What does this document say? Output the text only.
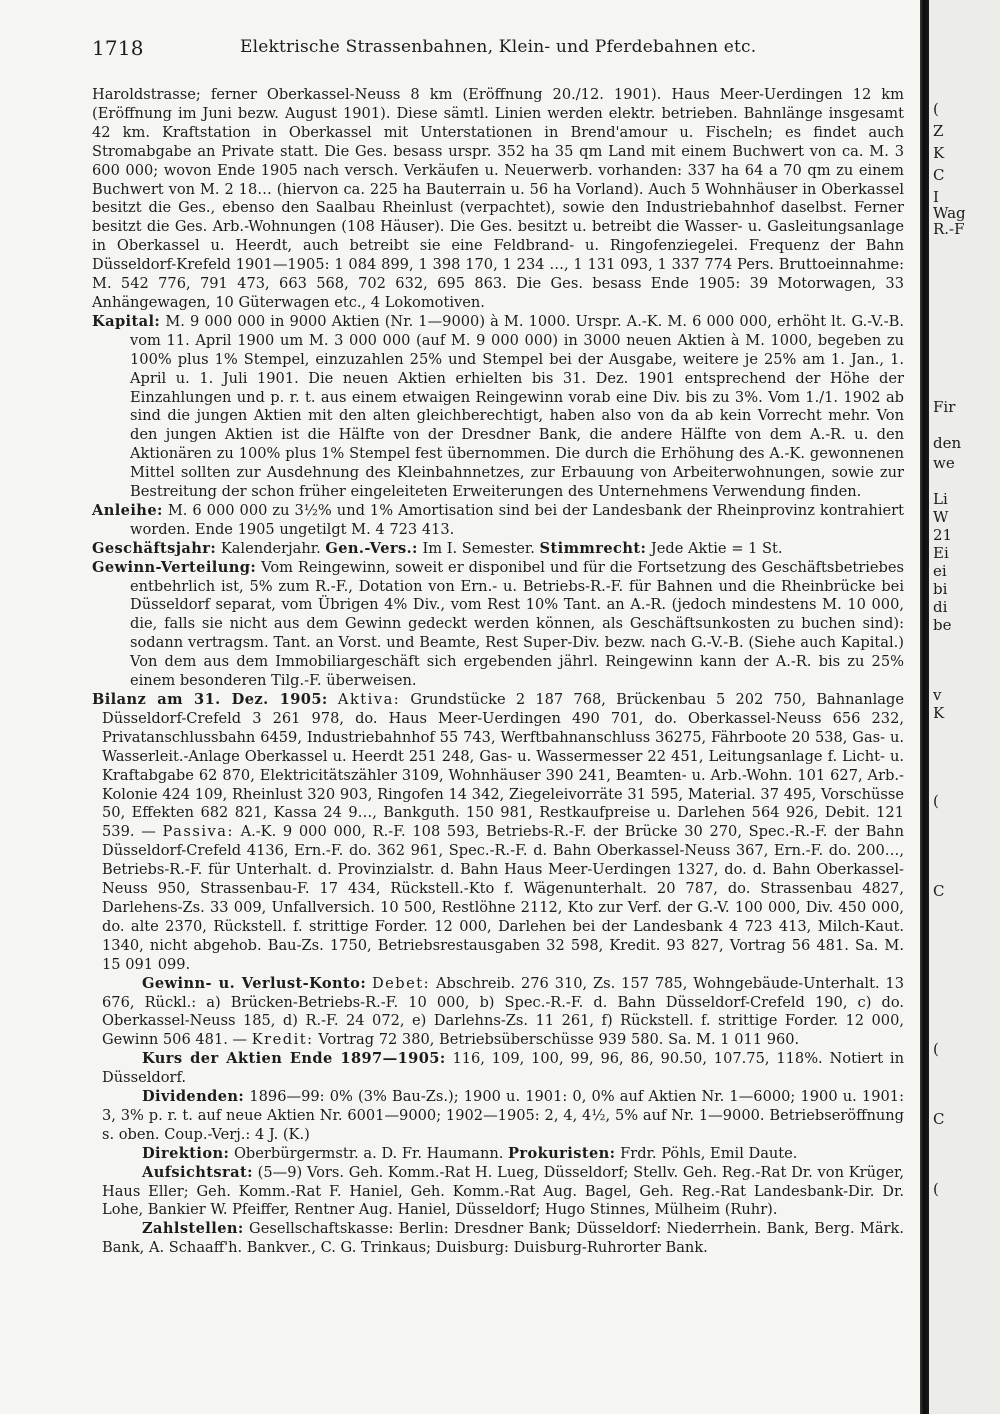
1718	Elektrische Strassenbahnen, Klein- und Pferdebahnen etc.

Haroldstrasse; ferner Oberkassel-Neuss 8 km (Eröffnung 20./12. 1901). Haus Meer-Uerdingen 12 km (Eröffnung im Juni bezw. August 1901). Diese sämtl. Linien werden elektr. betrieben. Bahnlänge insgesamt 42 km. Kraftstation in Oberkassel mit Unterstationen in Brend'amour u. Fischeln; es findet auch Stromabgabe an Private statt. Die Ges. besass urspr. 352 ha 35 qm Land mit einem Buchwert von ca. M. 3 600 000; wovon Ende 1905 nach versch. Verkäufen u. Neuerwerb. vorhanden: 337 ha 64 a 70 qm zu einem Buchwert von M. 2 18… (hiervon ca. 225 ha Bauterrain u. 56 ha Vorland). Auch 5 Wohnhäuser in Oberkassel besitzt die Ges., ebenso den Saalbau Rheinlust (verpachtet), sowie den Industriebahnhof daselbst. Ferner besitzt die Ges. Arb.-Wohnungen (108 Häuser). Die Ges. besitzt u. betreibt die Wasser- u. Gasleitungsanlage in Oberkassel u. Heerdt, auch betreibt sie eine Feldbrand- u. Ringofenziegelei. Frequenz der Bahn Düsseldorf-Krefeld 1901—1905: 1 084 899, 1 398 170, 1 234 …, 1 131 093, 1 337 774 Pers. Bruttoeinnahme: M. 542 776, 791 473, 663 568, 702 632, 695 863. Die Ges. besass Ende 1905: 39 Motorwagen, 33 Anhängewagen, 10 Güterwagen etc., 4 Lokomotiven.

Kapital: M. 9 000 000 in 9000 Aktien (Nr. 1—9000) à M. 1000. Urspr. A.-K. M. 6 000 000, erhöht lt. G.-V.-B. vom 11. April 1900 um M. 3 000 000 (auf M. 9 000 000) in 3000 neuen Aktien à M. 1000, begeben zu 100% plus 1% Stempel, einzuzahlen 25% und Stempel bei der Ausgabe, weitere je 25% am 1. Jan., 1. April u. 1. Juli 1901. Die neuen Aktien erhielten bis 31. Dez. 1901 entsprechend der Höhe der Einzahlungen und p. r. t. aus einem etwaigen Reingewinn vorab eine Div. bis zu 3%. Vom 1./1. 1902 ab sind die jungen Aktien mit den alten gleichberechtigt, haben also von da ab kein Vorrecht mehr. Von den jungen Aktien ist die Hälfte von der Dresdner Bank, die andere Hälfte von dem A.-R. u. den Aktionären zu 100% plus 1% Stempel fest übernommen. Die durch die Erhöhung des A.-K. gewonnenen Mittel sollten zur Ausdehnung des Kleinbahnnetzes, zur Erbauung von Arbeiterwohnungen, sowie zur Bestreitung der schon früher eingeleiteten Erweiterungen des Unternehmens Verwendung finden.

Anleihe: M. 6 000 000 zu 3½% und 1% Amortisation sind bei der Landesbank der Rheinprovinz kontrahiert worden. Ende 1905 ungetilgt M. 4 723 413.

Geschäftsjahr: Kalenderjahr. Gen.-Vers.: Im I. Semester. Stimmrecht: Jede Aktie = 1 St.

Gewinn-Verteilung: Vom Reingewinn, soweit er disponibel und für die Fortsetzung des Geschäftsbetriebes entbehrlich ist, 5% zum R.-F., Dotation von Ern.- u. Betriebs-R.-F. für Bahnen und die Rheinbrücke bei Düsseldorf separat, vom Übrigen 4% Div., vom Rest 10% Tant. an A.-R. (jedoch mindestens M. 10 000, die, falls sie nicht aus dem Gewinn gedeckt werden können, als Geschäftsunkosten zu buchen sind): sodann vertragsm. Tant. an Vorst. und Beamte, Rest Super-Div. bezw. nach G.-V.-B. (Siehe auch Kapital.) Von dem aus dem Immobiliargeschäft sich ergebenden jährl. Reingewinn kann der A.-R. bis zu 25% einem besonderen Tilg.-F. überweisen.

Bilanz am 31. Dez. 1905: Aktiva: Grundstücke 2 187 768, Brückenbau 5 202 750, Bahnanlage Düsseldorf-Crefeld 3 261 978, do. Haus Meer-Uerdingen 490 701, do. Oberkassel-Neuss 656 232, Privatanschlussbahn 6459, Industriebahnhof 55 743, Werftbahnanschluss 36275, Fährboote 20 538, Gas- u. Wasserleit.-Anlage Oberkassel u. Heerdt 251 248, Gas- u. Wassermesser 22 451, Leitungsanlage f. Licht- u. Kraftabgabe 62 870, Elektricitätszähler 3109, Wohnhäuser 390 241, Beamten- u. Arb.-Wohn. 101 627, Arb.-Kolonie 424 109, Rheinlust 320 903, Ringofen 14 342, Ziegeleivorräte 31 595, Material. 37 495, Vorschüsse 50, Effekten 682 821, Kassa 24 9…, Bankguth. 150 981, Restkaufpreise u. Darlehen 564 926, Debit. 121 539. — Passiva: A.-K. 9 000 000, R.-F. 108 593, Betriebs-R.-F. der Brücke 30 270, Spec.-R.-F. der Bahn Düsseldorf-Crefeld 4136, Ern.-F. do. 362 961, Spec.-R.-F. d. Bahn Oberkassel-Neuss 367, Ern.-F. do. 200…, Betriebs-R.-F. für Unterhalt. d. Provinzialstr. d. Bahn Haus Meer-Uerdingen 1327, do. d. Bahn Oberkassel-Neuss 950, Strassenbau-F. 17 434, Rückstell.-Kto f. Wägenunterhalt. 20 787, do. Strassenbau 4827, Darlehens-Zs. 33 009, Unfallversich. 10 500, Restlöhne 2112, Kto zur Verf. der G.-V. 100 000, Div. 450 000, do. alte 2370, Rückstell. f. strittige Forder. 12 000, Darlehen bei der Landesbank 4 723 413, Milch-Kaut. 1340, nicht abgehob. Bau-Zs. 1750, Betriebsrestausgaben 32 598, Kredit. 93 827, Vortrag 56 481. Sa. M. 15 091 099.

Gewinn- u. Verlust-Konto: Debet: Abschreib. 276 310, Zs. 157 785, Wohngebäude-Unterhalt. 13 676, Rückl.: a) Brücken-Betriebs-R.-F. 10 000, b) Spec.-R.-F. d. Bahn Düsseldorf-Crefeld 190, c) do. Oberkassel-Neuss 185, d) R.-F. 24 072, e) Darlehns-Zs. 11 261, f) Rückstell. f. strittige Forder. 12 000, Gewinn 506 481. — Kredit: Vortrag 72 380, Betriebsüberschüsse 939 580. Sa. M. 1 011 960.

Kurs der Aktien Ende 1897—1905: 116, 109, 100, 99, 96, 86, 90.50, 107.75, 118%. Notiert in Düsseldorf.

Dividenden: 1896—99: 0% (3% Bau-Zs.); 1900 u. 1901: 0, 0% auf Aktien Nr. 1—6000; 1900 u. 1901: 3, 3% p. r. t. auf neue Aktien Nr. 6001—9000; 1902—1905: 2, 4, 4½, 5% auf Nr. 1—9000. Betriebseröffnung s. oben. Coup.-Verj.: 4 J. (K.)

Direktion: Oberbürgermstr. a. D. Fr. Haumann. Prokuristen: Frdr. Pöhls, Emil Daute.

Aufsichtsrat: (5—9) Vors. Geh. Komm.-Rat H. Lueg, Düsseldorf; Stellv. Geh. Reg.-Rat Dr. von Krüger, Haus Eller; Geh. Komm.-Rat F. Haniel, Geh. Komm.-Rat Aug. Bagel, Geh. Reg.-Rat Landesbank-Dir. Dr. Lohe, Bankier W. Pfeiffer, Rentner Aug. Haniel, Düsseldorf; Hugo Stinnes, Mülheim (Ruhr).

Zahlstellen: Gesellschaftskasse: Berlin: Dresdner Bank; Düsseldorf: Niederrhein. Bank, Berg. Märk. Bank, A. Schaaff'h. Bankver., C. G. Trinkaus; Duisburg: Duisburg-Ruhrorter Bank.

(
Z
K
C
I
Wag
R.-F
Fir
den
we
Li
W
21
Ei
ei
bi
di
be
v
K
(
C
(
C
(
